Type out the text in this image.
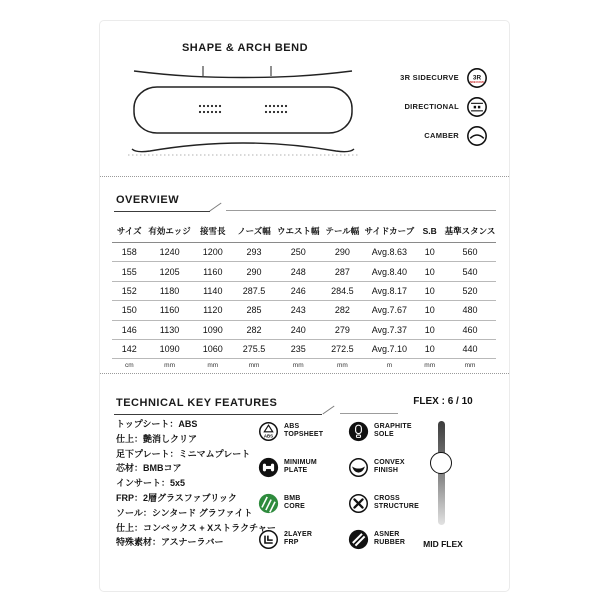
SHAPE & ARCH BEND
3R SIDECURVE 3R
SIDECURVE
DIRECTIONAL
CAMBER
OVERVIEW
サイズ	有効エッジ	接雪長	ノーズ幅	ウエスト幅	テール幅	サイドカーブ	S.B	基準スタンス
158	1240	1200	293	250	290	Avg.8.63	10	560
155	1205	1160	290	248	287	Avg.8.40	10	540
152	1180	1140	287.5	246	284.5	Avg.8.17	10	520
150	1160	1120	285	243	282	Avg.7.67	10	480
146	1130	1090	282	240	279	Avg.7.37	10	460
142	1090	1060	275.5	235	272.5	Avg.7.10	10	440
cm	mm	mm	mm	mm	mm	m	mm	mm
TECHNICAL KEY FEATURES	FLEX : 6 / 10
トップシート：ABS
仕上：艶消しクリア
足下プレート：ミニマムプレート
芯材：BMBコア
インサート：5x5
FRP：2層グラスファブリック
ソール：シンタード グラファイト
仕上：コンベックス + Xストラクチャー
特殊素材：アスナーラバー
ABS
ABS
TOPSHEET
GRAPHITE
SOLE
MINIMUM
PLATE
CONVEX
FINISH
BMB
CORE
CROSS
STRUCTURE
2LAYER
FRP
ASNER
RUBBER	MID FLEX
